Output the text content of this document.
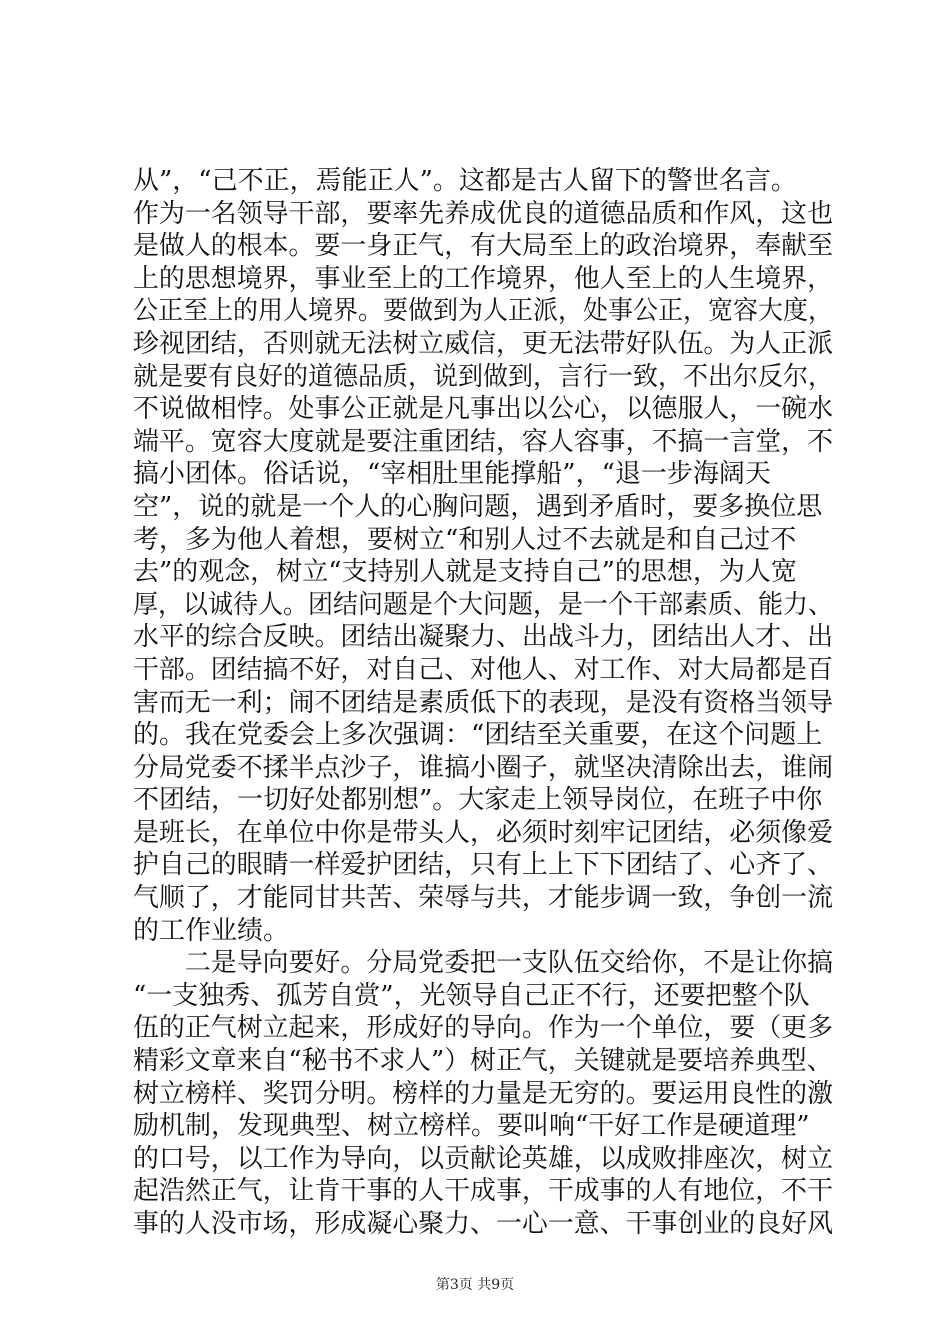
从”，“己不正，焉能正人”。这都是古人留下的警世名言。
作为一名领导干部，要率先养成优良的道德品质和作风，这也
是做人的根本。要一身正气，有大局至上的政治境界，奉献至
上的思想境界，事业至上的工作境界，他人至上的人生境界，
公正至上的用人境界。要做到为人正派，处事公正，宽容大度，
珍视团结，否则就无法树立威信，更无法带好队伍。为人正派
就是要有良好的道德品质，说到做到，言行一致，不出尔反尔，
不说做相悖。处事公正就是凡事出以公心，以德服人，一碗水
端平。宽容大度就是要注重团结，容人容事，不搞一言堂，不
搞小团体。俗话说，“宰相肚里能撑船”，“退一步海阔天
空”，说的就是一个人的心胸问题，遇到矛盾时，要多换位思
考，多为他人着想，要树立“和别人过不去就是和自己过不
去”的观念，树立“支持别人就是支持自己”的思想，为人宽
厚，以诚待人。团结问题是个大问题，是一个干部素质、能力、
水平的综合反映。团结出凝聚力、出战斗力，团结出人才、出
干部。团结搞不好，对自己、对他人、对工作、对大局都是百
害而无一利；闹不团结是素质低下的表现，是没有资格当领导
的。我在党委会上多次强调：“团结至关重要，在这个问题上
分局党委不揉半点沙子，谁搞小圈子，就坚决清除出去，谁闹
不团结，一切好处都别想”。大家走上领导岗位，在班子中你
是班长，在单位中你是带头人，必须时刻牢记团结，必须像爱
护自己的眼睛一样爱护团结，只有上上下下团结了、心齐了、
气顺了，才能同甘共苦、荣辱与共，才能步调一致，争创一流
的工作业绩。
　　二是导向要好。分局党委把一支队伍交给你，不是让你搞
“一支独秀、孤芳自赏”，光领导自己正不行，还要把整个队
伍的正气树立起来，形成好的导向。作为一个单位，要（更多
精彩文章来自“秘书不求人”）树正气，关键就是要培养典型、
树立榜样、奖罚分明。榜样的力量是无穷的。要运用良性的激
励机制，发现典型、树立榜样。要叫响“干好工作是硬道理”
的口号，以工作为导向，以贡献论英雄，以成败排座次，树立
起浩然正气，让肯干事的人干成事，干成事的人有地位，不干
事的人没市场，形成凝心聚力、一心一意、干事创业的良好风
第3页 共9页
